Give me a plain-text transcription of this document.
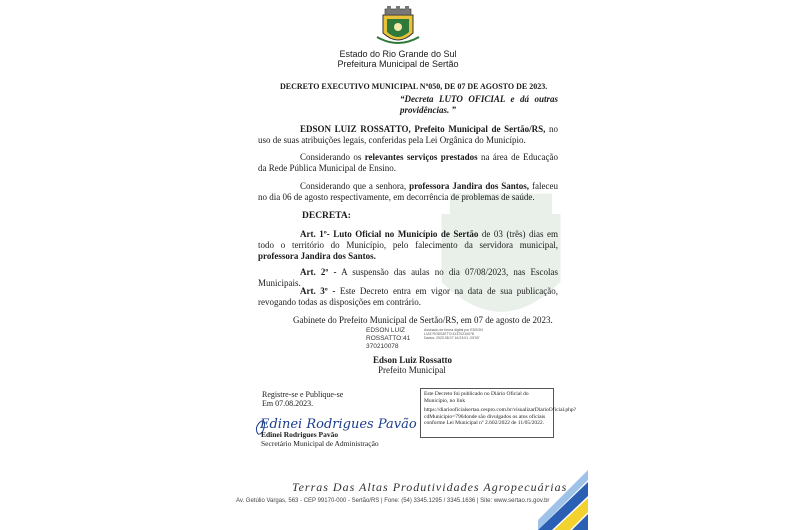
Estado do Rio Grande do Sul
Prefeitura Municipal de Sertão
DECRETO EXECUTIVO MUNICIPAL Nº050, DE 07 DE AGOSTO DE 2023.
“Decreta LUTO OFICIAL e dá outras providências. ”
EDSON LUIZ ROSSATTO, Prefeito Municipal de Sertão/RS, no uso de suas atribuições legais, conferidas pela Lei Orgânica do Município.
Considerando os relevantes serviços prestados na área de Educação da Rede Pública Municipal de Ensino.
Considerando que a senhora, professora Jandira dos Santos, faleceu no dia 06 de agosto respectivamente, em decorrência de problemas de saúde.
DECRETA:
Art. 1º- Luto Oficial no Município de Sertão de 03 (três) dias em todo o território do Município, pelo falecimento da servidora municipal, professora Jandira dos Santos.
Art. 2º - A suspensão das aulas no dia 07/08/2023, nas Escolas Municipais.
Art. 3º - Este Decreto entra em vigor na data de sua publicação, revogando todas as disposições em contrário.
Gabinete do Prefeito Municipal de Sertão/RS, em 07 de agosto de 2023.
EDSON LUIZ
ROSSATTO:41
370210078
Assinado de forma digital por EDSON LUIZ ROSSATTO:41370210078 Dados: 2023.08.07 16:23:01 -03'00'
Edson Luiz Rossatto
Prefeito Municipal
Registre-se e Publique-se
Em 07.08.2023.
Este Decreto foi publicado no Diário Oficial do Município, no link
https://diariooficialsertao.cespro.com.br/visualizarDiarioOficial.php?cdMunicipio=7964onde são divulgados os atos oficiais conforme Lei Municipal nº 2.602/2022 de 11/05/2022.
Edinei Rodrigues Pavão
Edinei Rodrigues Pavão
Secretário Municipal de Administração
Terras Das Altas Produtividades Agropecuárias
Av. Getúlio Vargas, 563 - CEP 99170-000 - Sertão/RS | Fone: (54) 3345.1295 / 3345.1636 | Site: www.sertao.rs.gov.br
